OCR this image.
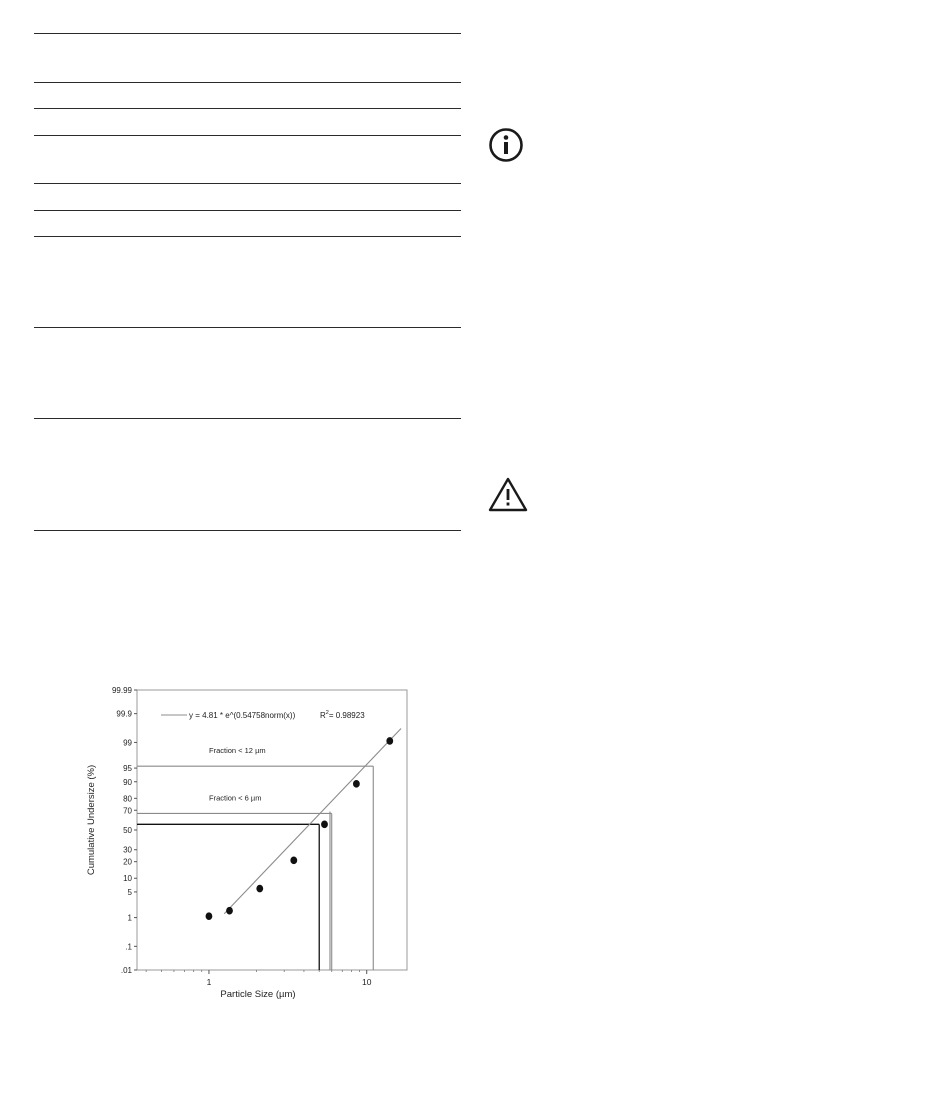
Fraction < 12 µm
Fraction < 6 µm
.01
.1
1
5
10
20
30
50
70
80
90
95
99
99.9
99.99
1	10
y = 4.81 * e^(0.54758norm(x))	$R^2= 0.98923$
Particle Size (µm)
Cumulative Undersize (%)
